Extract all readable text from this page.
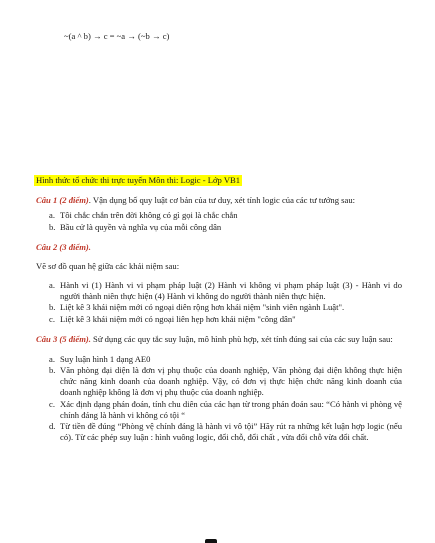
~(a ^ b) → c = ~a → (~b → c)
Hình thức tổ chức thi trực tuyến Môn thi: Logic - Lớp VB1
Câu 1 (2 điểm). Vận dụng bố quy luật cơ bản của tư duy, xét tính logic của các tư tưởng sau:
a. Tôi chắc chắn trên đời không có gì gọi là chắc chắn
b. Bầu cử là quyền và nghĩa vụ của mỗi công dân
Câu 2 (3 điểm).
Vẽ sơ đồ quan hệ giữa các khái niệm sau:
a. Hành vi (1) Hành vi vi phạm pháp luật (2) Hành vi không vi phạm pháp luật (3) - Hành vi do người thành niên thực hiện (4) Hành vi không do người thành niên thực hiện.
b. Liệt kê 3 khái niệm mới có ngoại diên rộng hơn khái niệm "sinh viên ngành Luật".
c. Liệt kê 3 khái niệm mới có ngoại liên hẹp hơn khái niệm "công dân"
Câu 3 (5 điểm). Sử dụng các quy tắc suy luận, mô hình phù hợp, xét tính đúng sai của các suy luận sau:
a. Suy luận hình 1 dạng AE0
b. Văn phòng đại diện là đơn vị phụ thuộc của doanh nghiệp, Văn phòng đại diện không thực hiện chức năng kinh doanh của doanh nghiệp. Vậy, có đơn vị thực hiện chức năng kinh doanh của doanh nghiệp không là đơn vị phụ thuộc của doanh nghiệp.
c. Xác định dạng phán đoán, tính chu diên của các hạn từ trong phán đoán sau: “Có hành vi phòng vệ chính đáng là hành vi không có tội “
d. Từ tiền đề đúng “Phòng vệ chính đáng là hành vi vô tội” Hãy rút ra những kết luận hợp logic (nếu có). Từ các phép suy luận : hình vuông logic, đổi chỗ, đổi chất , vừa đổi chỗ vừa đổi chất.
